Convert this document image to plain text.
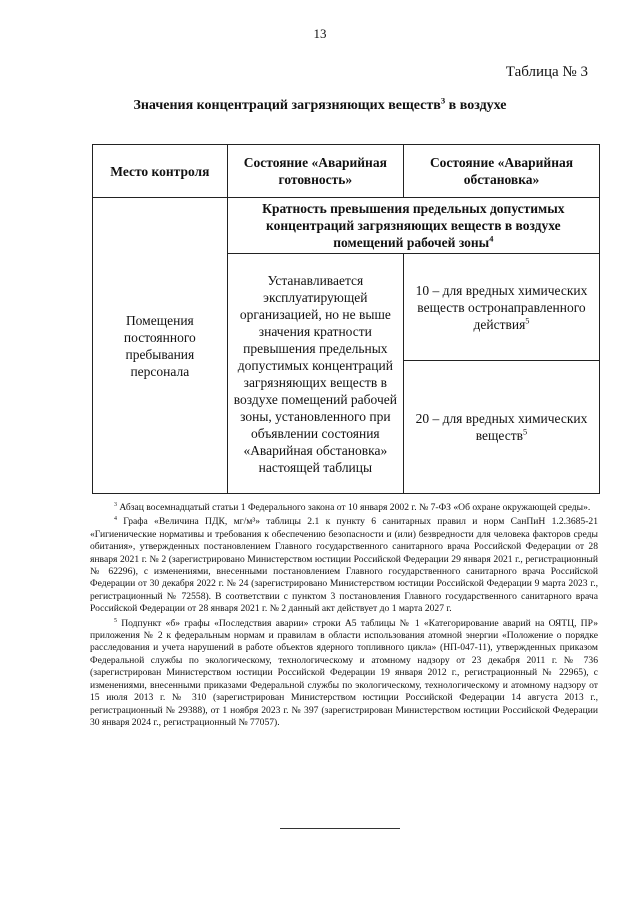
13
Таблица № 3
Значения концентраций загрязняющих веществ$^3$ в воздухе
Место контроля	Состояние «Аварийная готовность»	Состояние «Аварийная обстановка»
Помещения постоянного пребывания персонала	Кратность превышения предельных допустимых концентраций загрязняющих веществ в воздухе помещений рабочей зоны$^4$
	Устанавливается эксплуатирующей организацией, но не выше значения кратности превышения предельных допустимых концентраций загрязняющих веществ в воздухе помещений рабочей зоны, установленного при объявлении состояния «Аварийная обстановка» настоящей таблицы	10 – для вредных химических веществ остронаправленного действия$^5$
		20 – для вредных химических веществ$^5$

$^3$ Абзац восемнадцатый статьи 1 Федерального закона от 10 января 2002 г. № 7-ФЗ «Об охране окружающей среды».

$^4$ Графа «Величина ПДК, мг/м³» таблицы 2.1 к пункту 6 санитарных правил и норм СанПиН 1.2.3685-21 «Гигиенические нормативы и требования к обеспечению безопасности и (или) безвредности для человека факторов среды обитания», утвержденных постановлением Главного государственного санитарного врача Российской Федерации от 28 января 2021 г. № 2 (зарегистрировано Министерством юстиции Российской Федерации 29 января 2021 г., регистрационный № 62296), с изменениями, внесенными постановлением Главного государственного санитарного врача Российской Федерации от 30 декабря 2022 г. № 24 (зарегистрировано Министерством юстиции Российской Федерации 9 марта 2023 г., регистрационный № 72558). В соответствии с пунктом 3 постановления Главного государственного санитарного врача Российской Федерации от 28 января 2021 г. № 2 данный акт действует до 1 марта 2027 г.

$^5$ Подпункт «б» графы «Последствия аварии» строки А5 таблицы № 1 «Категорирование аварий на ОЯТЦ, ПР» приложения № 2 к федеральным нормам и правилам в области использования атомной энергии «Положение о порядке расследования и учета нарушений в работе объектов ядерного топливного цикла» (НП-047-11), утвержденных приказом Федеральной службы по экологическому, технологическому и атомному надзору от 23 декабря 2011 г. № 736 (зарегистрирован Министерством юстиции Российской Федерации 19 января 2012 г., регистрационный № 22965), с изменениями, внесенными приказами Федеральной службы по экологическому, технологическому и атомному надзору от 15 июля 2013 г. № 310 (зарегистрирован Министерством юстиции Российской Федерации 14 августа 2013 г., регистрационный № 29388), от 1 ноября 2023 г. № 397 (зарегистрирован Министерством юстиции Российской Федерации 30 января 2024 г., регистрационный № 77057).
